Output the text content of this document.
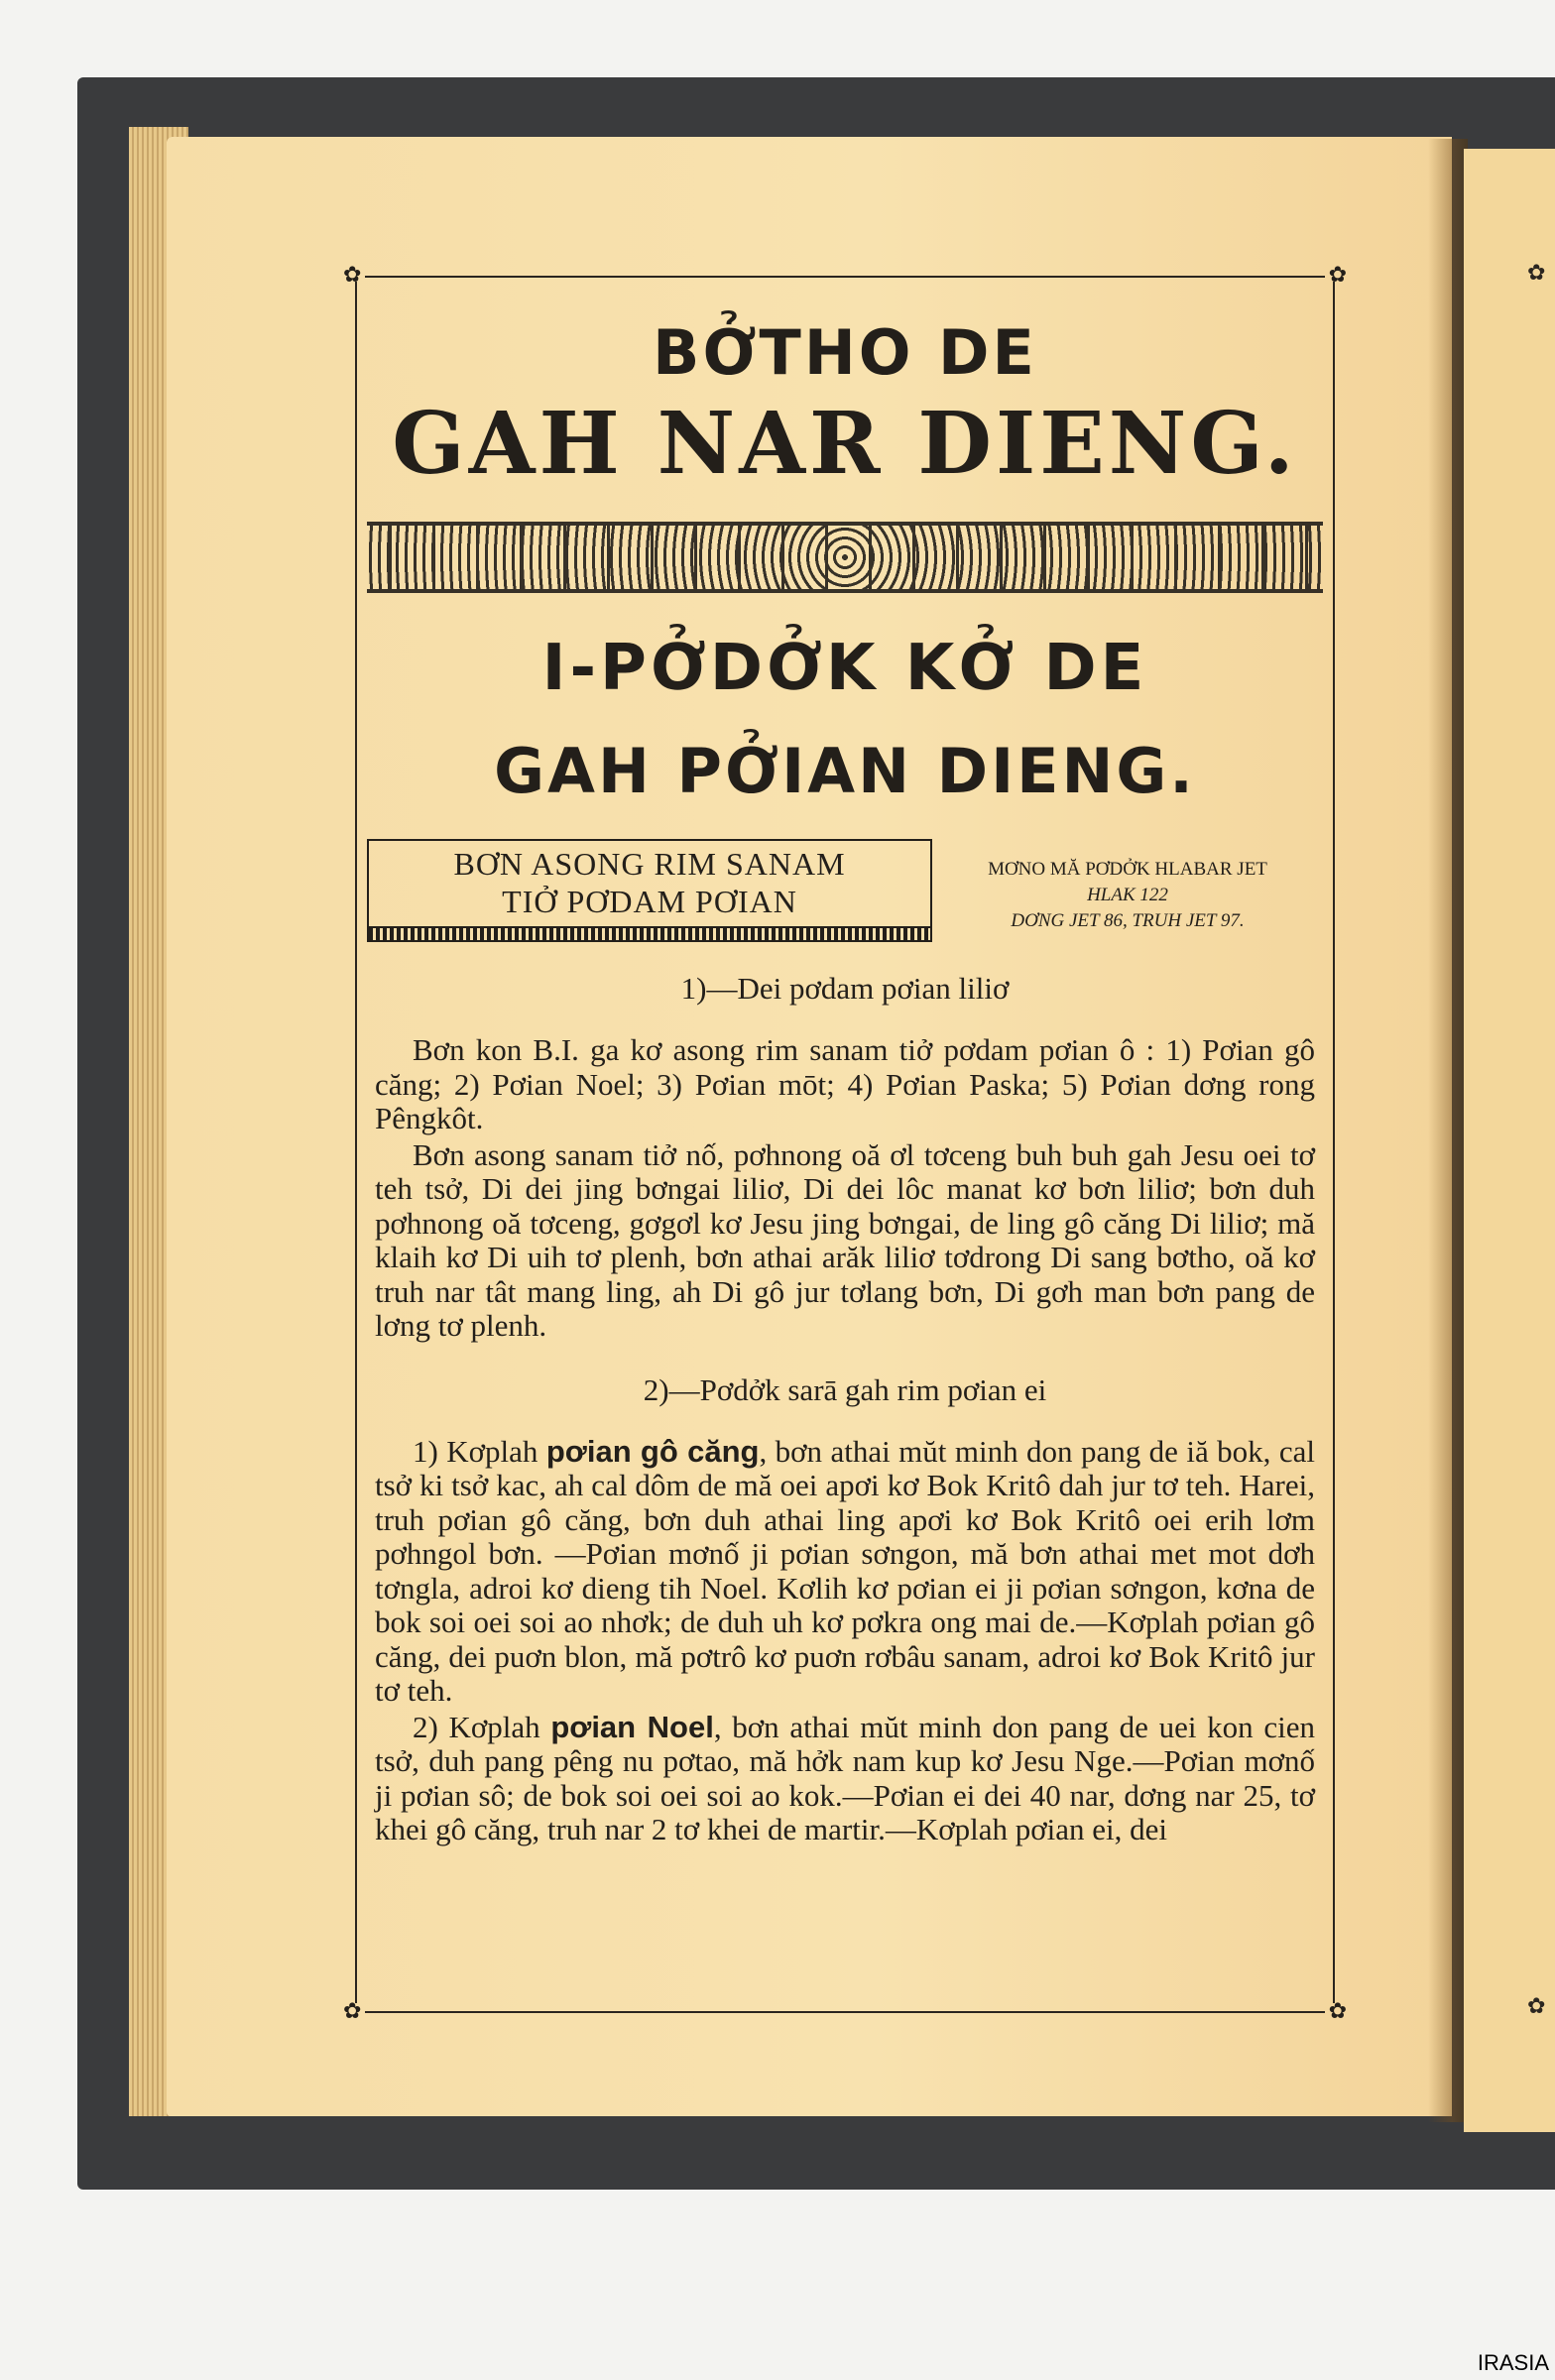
✿
✿
✿	✿
✿	✿
BỞTHO DE
GAH NAR DIENG.
I-PỞDỞK KỞ DE
GAH PỞIAN DIENG.
BƠN ASONG RIM SANAM
TIỞ PƠDAM PƠIAN
MƠNO MĂ PƠDỞK HLABAR JET
HLAK 122
DƠNG JET 86, TRUH JET 97.
1)—Dei pơdam pơian liliơ

Bơn kon B.I. ga kơ asong rim sanam tiở pơdam pơian ô : 1) Pơian gô căng; 2) Pơian Noel; 3) Pơian mōt; 4) Pơian Paska; 5) Pơian dơng rong Pêngkôt.

Bơn asong sanam tiở nố, pơhnong oă ơl tơceng buh buh gah Jesu oei tơ teh tsở, Di dei jing bơngai liliơ, Di dei lôc manat kơ bơn liliơ; bơn duh pơhnong oă tơceng, gơgơl kơ Jesu jing bơngai, de ling gô căng Di liliơ; mă klaih kơ Di uih tơ plenh, bơn athai arăk liliơ tơdrong Di sang bơtho, oă kơ truh nar tât mang ling, ah Di gô jur tơlang bơn, Di gơh man bơn pang de lơng tơ plenh.

2)—Pơdởk sarā gah rim pơian ei

1) Kơplah pơian gô căng, bơn athai mŭt minh don pang de iă bok, cal tsở ki tsở kac, ah cal dôm de mă oei apơi kơ Bok Kritô dah jur tơ teh. Harei, truh pơian gô căng, bơn duh athai ling apơi kơ Bok Kritô oei erih lơm pơhngol bơn. —Pơian mơnố ji pơian sơngon, mă bơn athai met mot dơh tơngla, adroi kơ dieng tih Noel. Kơlih kơ pơian ei ji pơian sơngon, kơna de bok soi oei soi ao nhơk; de duh uh kơ pơkra ong mai de.—Kơplah pơian gô căng, dei puơn blon, mă pơtrô kơ puơn rơbâu sanam, adroi kơ Bok Kritô jur tơ teh.

2) Kơplah pơian Noel, bơn athai mŭt minh don pang de uei kon cien tsở, duh pang pêng nu pơtao, mă hởk nam kup kơ Jesu Nge.—Pơian mơnố ji pơian sô; de bok soi oei soi ao kok.—Pơian ei dei 40 nar, dơng nar 25, tơ khei gô căng, truh nar 2 tơ khei de martir.—Kơplah pơian ei, dei

IRASIA
